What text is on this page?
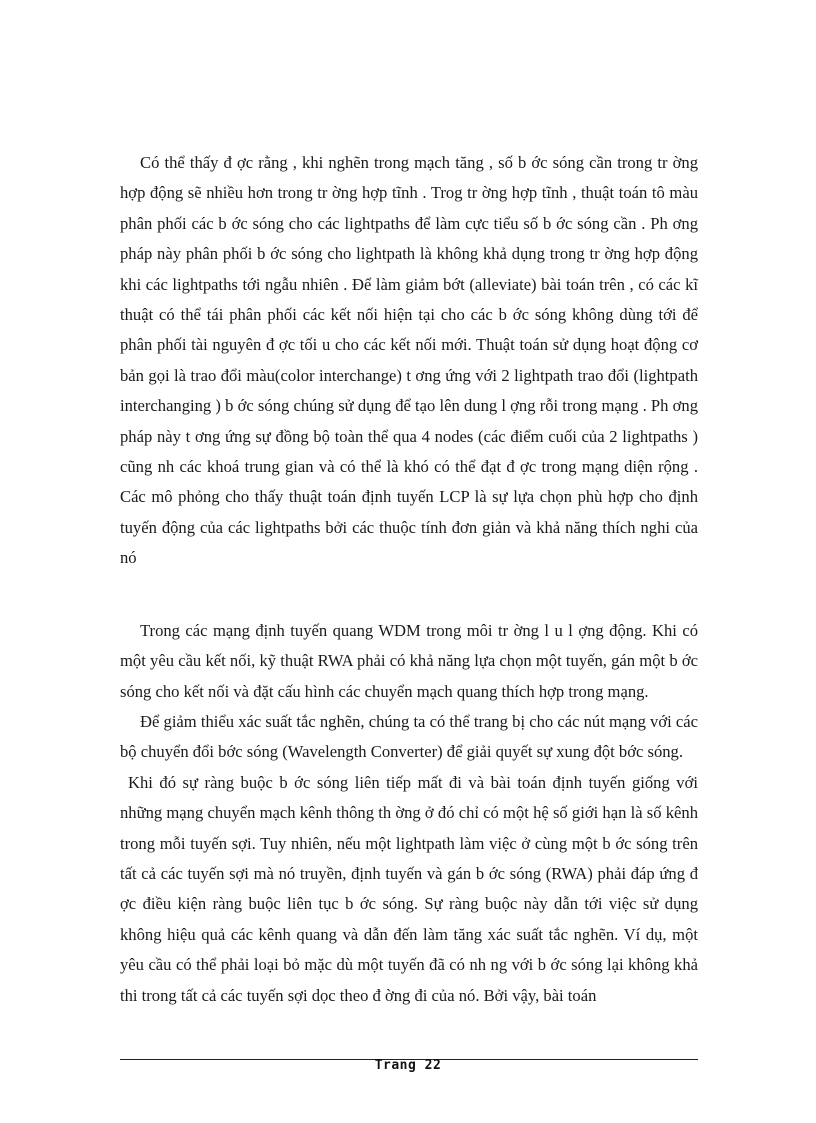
Có thể thấy đ ợc rằng , khi nghẽn trong mạch tăng , số b ớc sóng cần trong tr ờng hợp động sẽ nhiều hơn trong tr ờng hợp tĩnh . Trog tr ờng hợp tĩnh , thuật toán tô màu phân phối các b ớc sóng cho các lightpaths để làm cực tiểu số b ớc sóng cần . Ph ơng pháp này phân phối b ớc sóng cho lightpath là không khả dụng trong tr ờng hợp động khi các lightpaths tới ngẫu nhiên . Để làm giảm bớt (alleviate) bài toán trên , có các kĩ thuật có thể tái phân phối các kết nối hiện tại cho các b ớc sóng không dùng tới để phân phối tài nguyên đ ợc tối u cho các kết nối mới. Thuật toán sử dụng hoạt động cơ bản gọi là trao đổi màu(color interchange) t ơng ứng với 2 lightpath trao đổi (lightpath interchanging ) b ớc sóng chúng sử dụng để tạo lên dung l ợng rỗi trong mạng . Ph ơng pháp này t ơng ứng sự đồng bộ toàn thể qua 4 nodes (các điểm cuối của 2 lightpaths ) cũng nh các khoá trung gian và có thể là khó có thể đạt đ ợc trong mạng diện rộng . Các mô phỏng cho thấy thuật toán định tuyến LCP là sự lựa chọn phù hợp cho định tuyến động của các lightpaths bởi các thuộc tính đơn giản và khả năng thích nghi của nó

Trong các mạng định tuyến quang WDM trong môi tr ờng l u l ợng động. Khi có một yêu cầu kết nối, kỹ thuật RWA phải có khả năng lựa chọn một tuyến, gán một b ớc sóng cho kết nối và đặt cấu hình các chuyển mạch quang thích hợp trong mạng.

Để giảm thiểu xác suất tắc nghẽn, chúng ta có thể trang bị cho các nút mạng với các bộ chuyển đổi bớc sóng (Wavelength Converter) để giải quyết sự xung đột bớc sóng.

Khi đó sự ràng buộc b ớc sóng liên tiếp mất đi và bài toán định tuyến giống với những mạng chuyển mạch kênh thông th ờng ở đó chỉ có một hệ số giới hạn là số kênh trong mỗi tuyến sợi. Tuy nhiên, nếu một lightpath làm việc ở cùng một b ớc sóng trên tất cả các tuyến sợi mà nó truyền, định tuyến và gán b ớc sóng (RWA) phải đáp ứng đ ợc điều kiện ràng buộc liên tục b ớc sóng. Sự ràng buộc này dẫn tới việc sử dụng không hiệu quả các kênh quang và dẫn đến làm tăng xác suất tắc nghẽn. Ví dụ, một yêu cầu có thể phải loại bỏ mặc dù một tuyến đã có nh ng với b ớc sóng lại không khả thi trong tất cả các tuyến sợi dọc theo đ ờng đi của nó. Bởi vậy, bài toán

Trang 22
